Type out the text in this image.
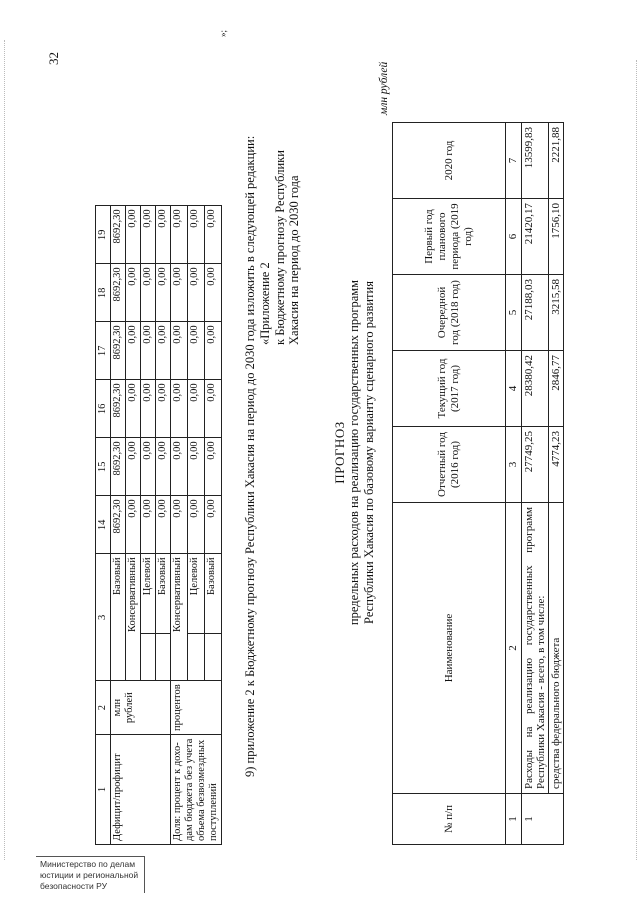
32
1	2	3		14	15	16	17	18	19
Дефицит/профицит	млн рублей	Базовый		8692,30	8692,30	8692,30	8692,30	8692,30	8692,30
		Консервативный		0,00	0,00	0,00	0,00	0,00	0,00
			Целевой	0,00	0,00	0,00	0,00	0,00	0,00
			Базовый	0,00	0,00	0,00	0,00	0,00	0,00
Доля: процент к дохо-дам бюджета без учета объема безвозмездных поступлений	процентов	Консервативный		0,00	0,00	0,00	0,00	0,00	0,00
			Целевой	0,00	0,00	0,00	0,00	0,00	0,00
			Базовый	0,00	0,00	0,00	0,00	0,00	0,00
»;
9) приложение 2 к Бюджетному прогнозу Республики Хакасия на период до 2030 года изложить в следующей редакции: «Приложение 2 к Бюджетному прогнозу Республики Хакасия на период до 2030 года
ПРОГНОЗ предельных расходов на реализацию государственных программ Республики Хакасия по базовому варианту сценарного развития
млн рублей
№ п/п	Наименование	Отчетный год (2016 год)	Текущий год (2017 год)	Очередной год (2018 год)	Первый год планового периода (2019 год)	2020 год
1	2	3	4	5	6	7
1	Расходы на реализацию государственных программ Республики Хакасия - всего, в том числе:	27749,25	28380,42	27188,03	21420,17	13599,83
	средства федерального бюджета	4774,23	2846,77	3215,58	1756,10	2221,88
Министерство по делам
юстиции и региональной
безопасности РУ
